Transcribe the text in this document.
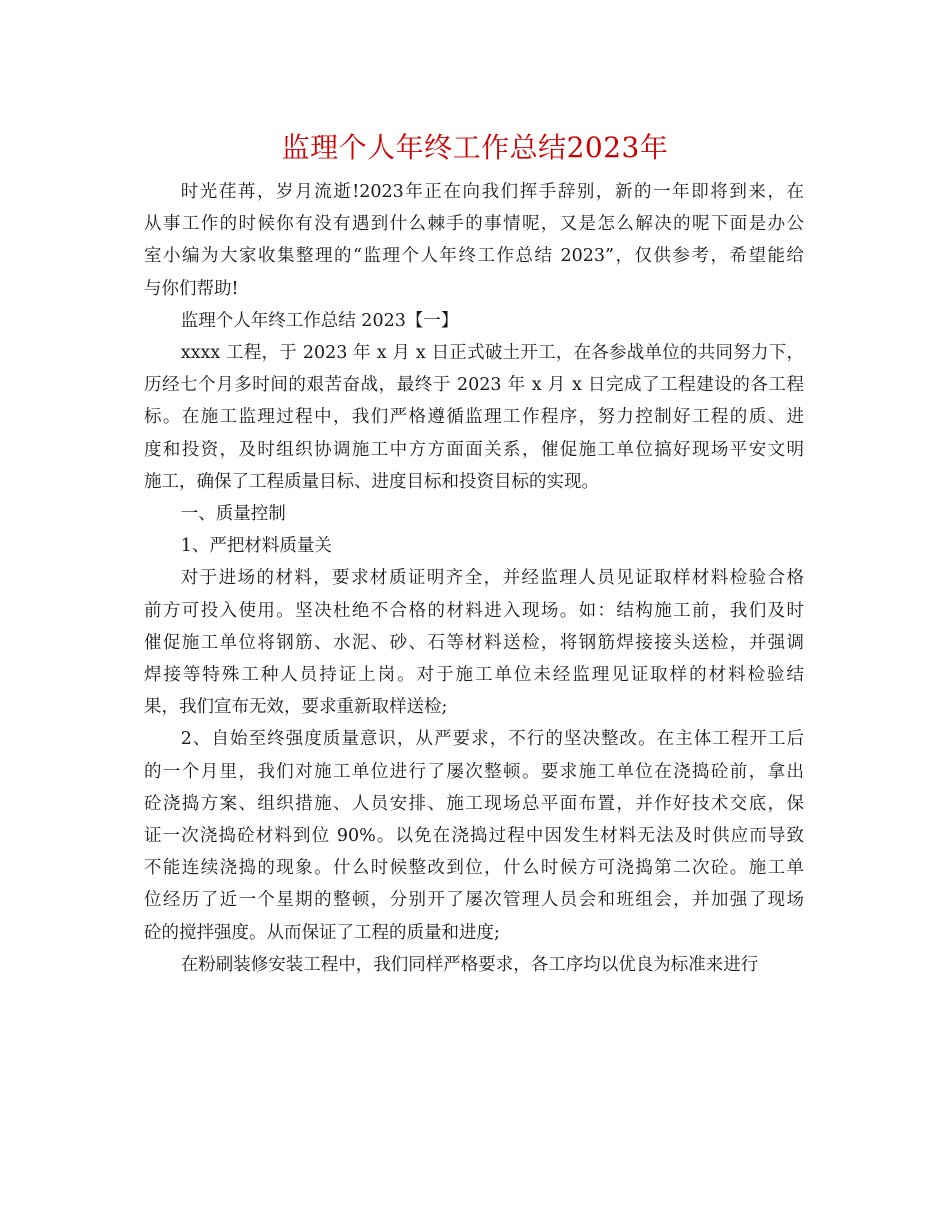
监理个人年终工作总结2023年
时光荏苒，岁月流逝!2023年正在向我们挥手辞别，新的一年即将到来，在
从事工作的时候你有没有遇到什么棘手的事情呢，又是怎么解决的呢下面是办公
室小编为大家收集整理的“监理个人年终工作总结 2023”，仅供参考，希望能给
与你们帮助!
监理个人年终工作总结 2023【一】
xxxx 工程，于 2023 年 x 月 x 日正式破土开工，在各参战单位的共同努力下，
历经七个月多时间的艰苦奋战，最终于 2023 年 x 月 x 日完成了工程建设的各工程
标。在施工监理过程中，我们严格遵循监理工作程序，努力控制好工程的质、进
度和投资，及时组织协调施工中方方面面关系，催促施工单位搞好现场平安文明
施工，确保了工程质量目标、进度目标和投资目标的实现。
一、质量控制
1、严把材料质量关
对于进场的材料，要求材质证明齐全，并经监理人员见证取样材料检验合格
前方可投入使用。坚决杜绝不合格的材料进入现场。如：结构施工前，我们及时
催促施工单位将钢筋、水泥、砂、石等材料送检，将钢筋焊接接头送检，并强调
焊接等特殊工种人员持证上岗。对于施工单位未经监理见证取样的材料检验结
果，我们宣布无效，要求重新取样送检;
2、自始至终强度质量意识，从严要求，不行的坚决整改。在主体工程开工后
的一个月里，我们对施工单位进行了屡次整顿。要求施工单位在浇捣砼前，拿出
砼浇捣方案、组织措施、人员安排、施工现场总平面布置，并作好技术交底，保
证一次浇捣砼材料到位 90%。以免在浇捣过程中因发生材料无法及时供应而导致
不能连续浇捣的现象。什么时候整改到位，什么时候方可浇捣第二次砼。施工单
位经历了近一个星期的整顿，分别开了屡次管理人员会和班组会，并加强了现场
砼的搅拌强度。从而保证了工程的质量和进度;
在粉刷装修安装工程中，我们同样严格要求，各工序均以优良为标准来进行
